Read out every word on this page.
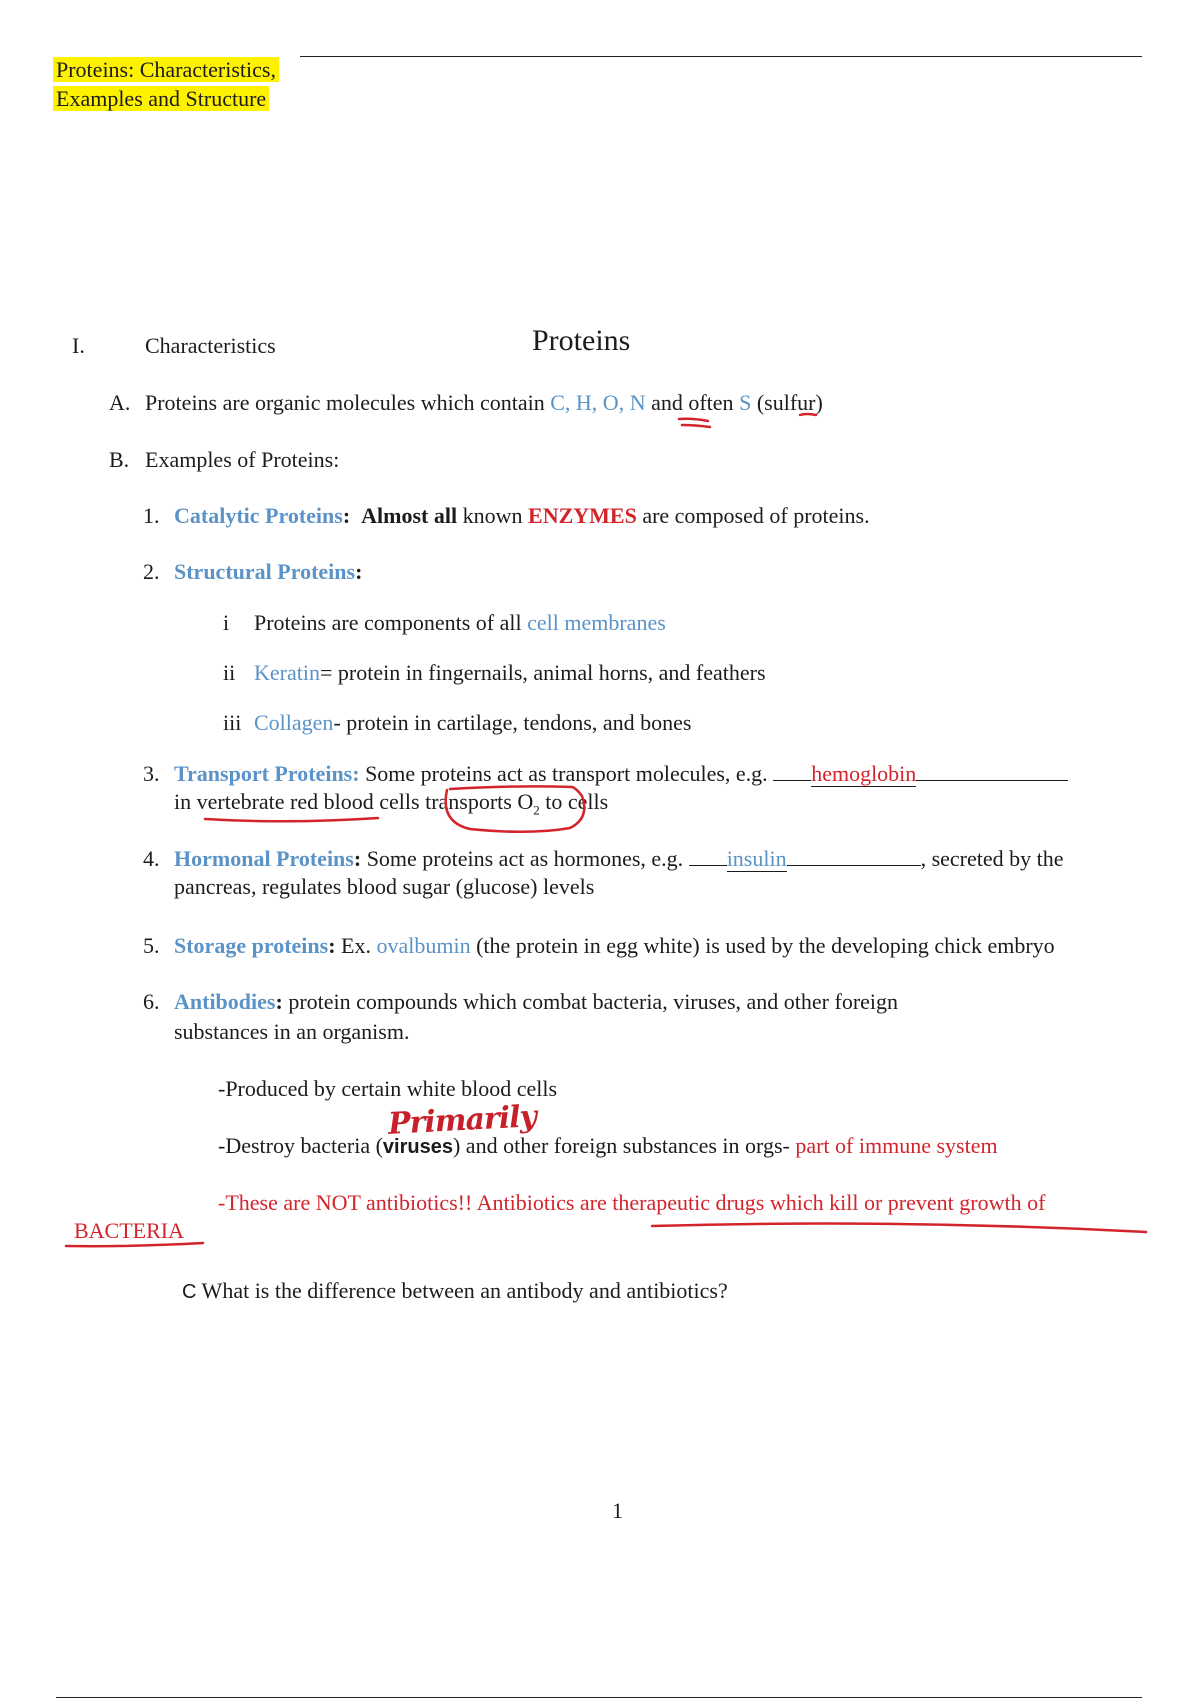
Proteins: Characteristics,
Examples and Structure
I.	Characteristics	Proteins
A. Proteins are organic molecules which contain C, H, O, N and often S (sulfur)
B. Examples of Proteins:
1. Catalytic Proteins: Almost all known ENZYMES are composed of proteins.
2. Structural Proteins:
i Proteins are components of all cell membranes
ii Keratin= protein in fingernails, animal horns, and feathers
iii Collagen- protein in cartilage, tendons, and bones
3. Transport Proteins: Some proteins act as transport molecules, e.g. hemoglobin
in vertebrate red blood cells transports $O_2$ to cells
4. Hormonal Proteins: Some proteins act as hormones, e.g. insulin	, secreted by the
pancreas, regulates blood sugar (glucose) levels
5. Storage proteins: Ex. ovalbumin (the protein in egg white) is used by the developing chick embryo
6. Antibodies: protein compounds which combat bacteria, viruses, and other foreign
substances in an organism.
-Produced by certain white blood cells
-Destroy bacteria (viruses) and other foreign substances in orgs- part of immune system
Primarily
-These are NOT antibiotics!! Antibiotics are therapeutic drugs which kill or prevent growth of
BACTERIA
C What is the difference between an antibody and antibiotics?
1
